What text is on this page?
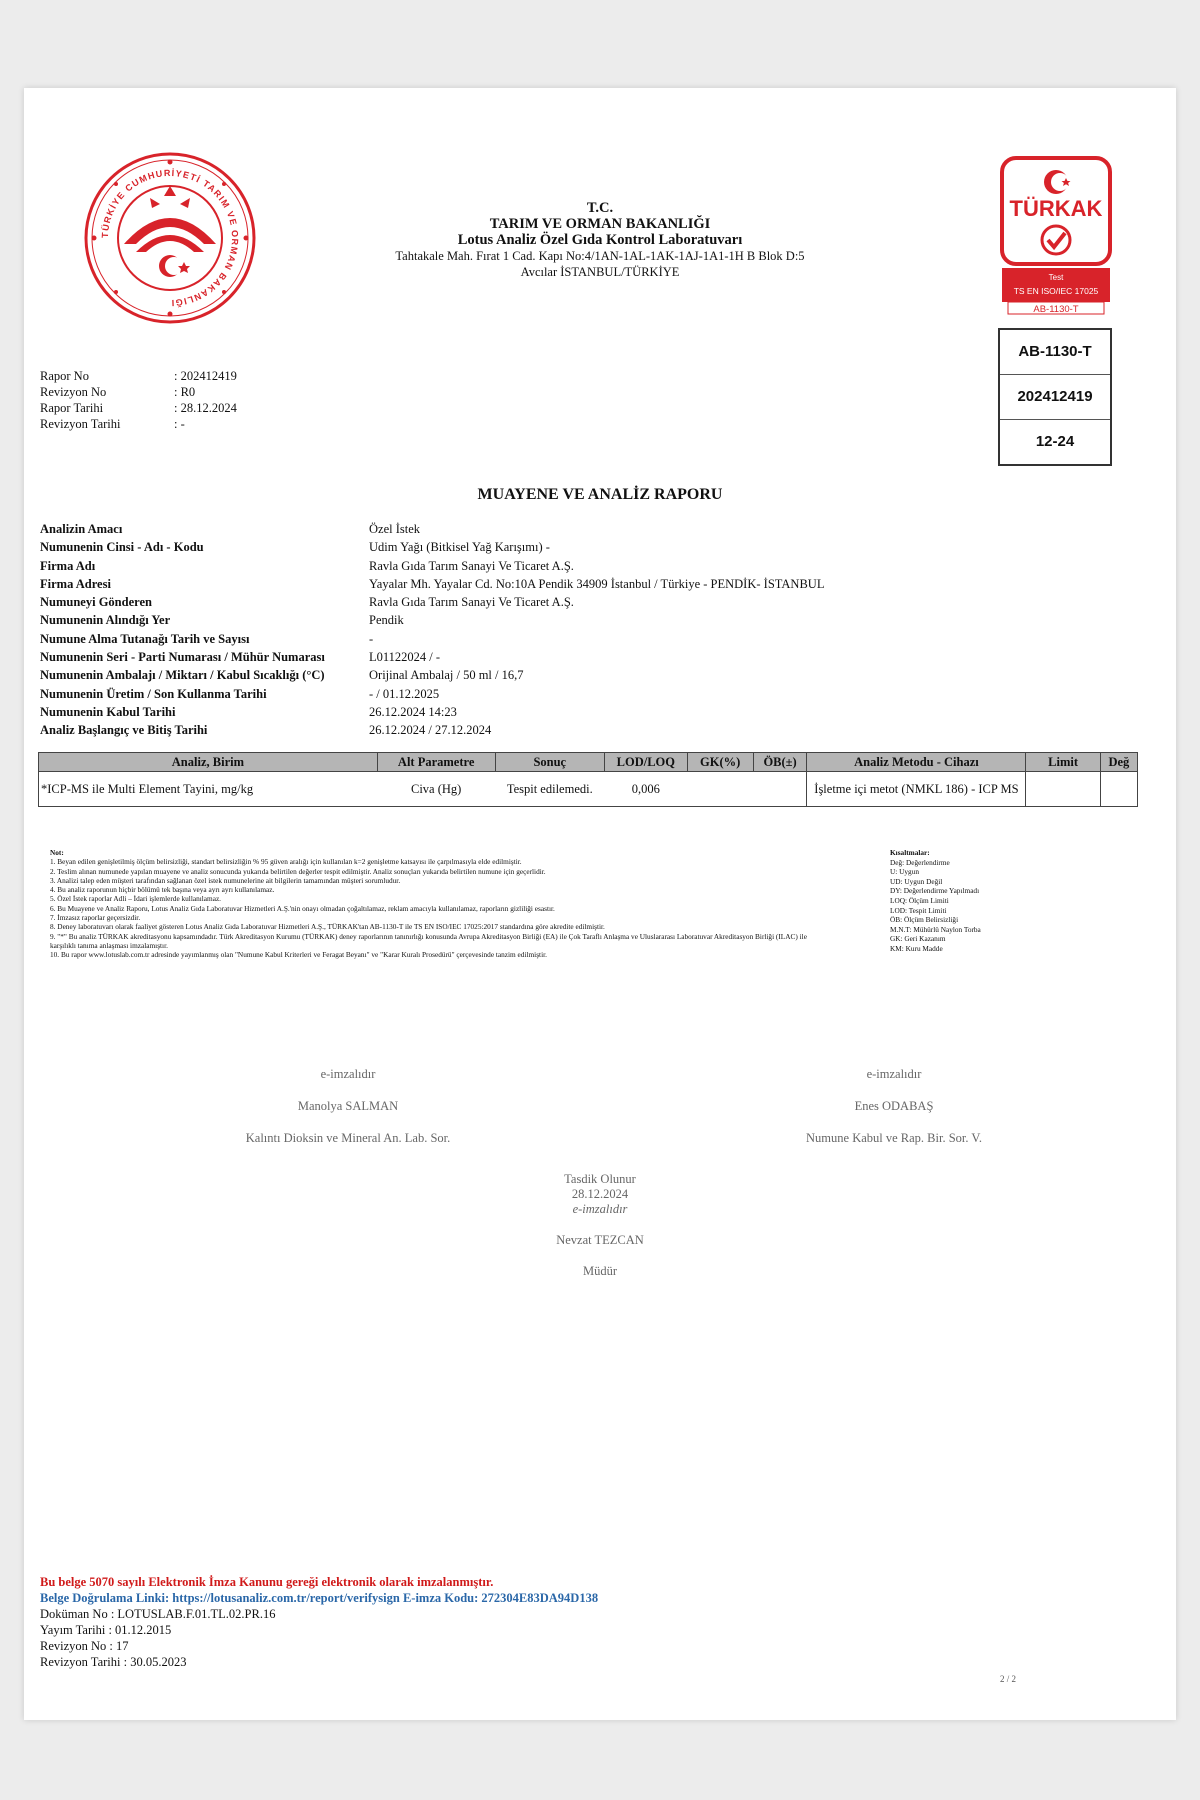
TÜRKİYE CUMHURİYETİ TARIM VE ORMAN BAKANLIĞI
T.C.
TARIM VE ORMAN BAKANLIĞI
Lotus Analiz Özel Gıda Kontrol Laboratuvarı
Tahtakale Mah. Fırat 1 Cad. Kapı No:4/1AN-1AL-1AK-1AJ-1A1-1H B Blok D:5
Avcılar İSTANBUL/TÜRKİYE
TÜRKAK
Test
TS EN ISO/IEC 17025
AB-1130-T
AB-1130-T
202412419
12-24
Rapor No	: 202412419
Revizyon No	: R0
Rapor Tarihi	: 28.12.2024
Revizyon Tarihi	: -
MUAYENE VE ANALİZ RAPORU
Analizin Amacı	Özel İstek
Numunenin Cinsi - Adı - Kodu	Udim Yağı (Bitkisel Yağ Karışımı) -
Firma Adı	Ravla Gıda Tarım Sanayi Ve Ticaret A.Ş.
Firma Adresi	Yayalar Mh. Yayalar Cd. No:10A Pendik 34909 İstanbul / Türkiye - PENDİK- İSTANBUL
Numuneyi Gönderen	Ravla Gıda Tarım Sanayi Ve Ticaret A.Ş.
Numunenin Alındığı Yer	Pendik
Numune Alma Tutanağı Tarih ve Sayısı	-
Numunenin Seri - Parti Numarası / Mühür Numarası	L01122024 / -
Numunenin Ambalajı / Miktarı / Kabul Sıcaklığı (°C)	Orijinal Ambalaj / 50 ml / 16,7
Numunenin Üretim / Son Kullanma Tarihi	- / 01.12.2025
Numunenin Kabul Tarihi	26.12.2024 14:23
Analiz Başlangıç ve Bitiş Tarihi	26.12.2024 / 27.12.2024
Analiz, Birim	Alt Parametre	Sonuç	LOD/LOQ	GK(%)	ÖB(±)	Analiz Metodu - Cihazı	Limit	Değ
*ICP-MS ile Multi Element Tayini, mg/kg	Civa (Hg)	Tespit edilemedi.	0,006			İşletme içi metot (NMKL 186) - ICP MS		
Not:
1. Beyan edilen genişletilmiş ölçüm belirsizliği, standart belirsizliğin % 95 güven aralığı için kullanılan k=2 genişletme katsayısı ile çarpılmasıyla elde edilmiştir.
2. Teslim alınan numunede yapılan muayene ve analiz sonucunda yukarıda belirtilen değerler tespit edilmiştir. Analiz sonuçları yukarıda belirtilen numune için geçerlidir.
3. Analizi talep eden müşteri tarafından sağlanan özel istek numunelerine ait bilgilerin tamamından müşteri sorumludur.
4. Bu analiz raporunun hiçbir bölümü tek başına veya ayrı ayrı kullanılamaz.
5. Özel İstek raporlar Adli – İdari işlemlerde kullanılamaz.
6. Bu Muayene ve Analiz Raporu, Lotus Analiz Gıda Laboratuvar Hizmetleri A.Ş.'nin onayı olmadan çoğaltılamaz, reklam amacıyla kullanılamaz, raporların gizliliği esastır.
7. İmzasız raporlar geçersizdir.
8. Deney laboratuvarı olarak faaliyet gösteren Lotus Analiz Gıda Laboratuvar Hizmetleri A.Ş., TÜRKAK'tan AB-1130-T ile TS EN ISO/IEC 17025:2017 standardına göre akredite edilmiştir.
9. "*" Bu analiz TÜRKAK akreditasyonu kapsamındadır. Türk Akreditasyon Kurumu (TÜRKAK) deney raporlarının tanınırlığı konusunda Avrupa Akreditasyon Birliği (EA) ile Çok Taraflı Anlaşma ve Uluslararası Laboratuvar Akreditasyon Birliği (ILAC) ile karşılıklı tanıma anlaşması imzalamıştır.
10. Bu rapor www.lotuslab.com.tr adresinde yayımlanmış olan "Numune Kabul Kriterleri ve Feragat Beyanı" ve "Karar Kuralı Prosedürü" çerçevesinde tanzim edilmiştir.
Kısaltmalar:
Değ: Değerlendirme
U: Uygun
UD: Uygun Değil
DY: Değerlendirme Yapılmadı
LOQ: Ölçüm Limiti
LOD: Tespit Limiti
ÖB: Ölçüm Belirsizliği
M.N.T: Mühürlü Naylon Torba
GK: Geri Kazanım
KM: Kuru Madde
e-imzalıdır
Manolya SALMAN
Kalıntı Dioksin ve Mineral An. Lab. Sor.
e-imzalıdır
Enes ODABAŞ
Numune Kabul ve Rap. Bir. Sor. V.
Tasdik Olunur
28.12.2024
e-imzalıdır
Nevzat TEZCAN
Müdür
Bu belge 5070 sayılı Elektronik İmza Kanunu gereği elektronik olarak imzalanmıştır.
Belge Doğrulama Linki: https://lotusanaliz.com.tr/report/verifysign E-imza Kodu: 272304E83DA94D138
Doküman No : LOTUSLAB.F.01.TL.02.PR.16
Yayım Tarihi : 01.12.2015
Revizyon No : 17
Revizyon Tarihi : 30.05.2023
2 / 2
